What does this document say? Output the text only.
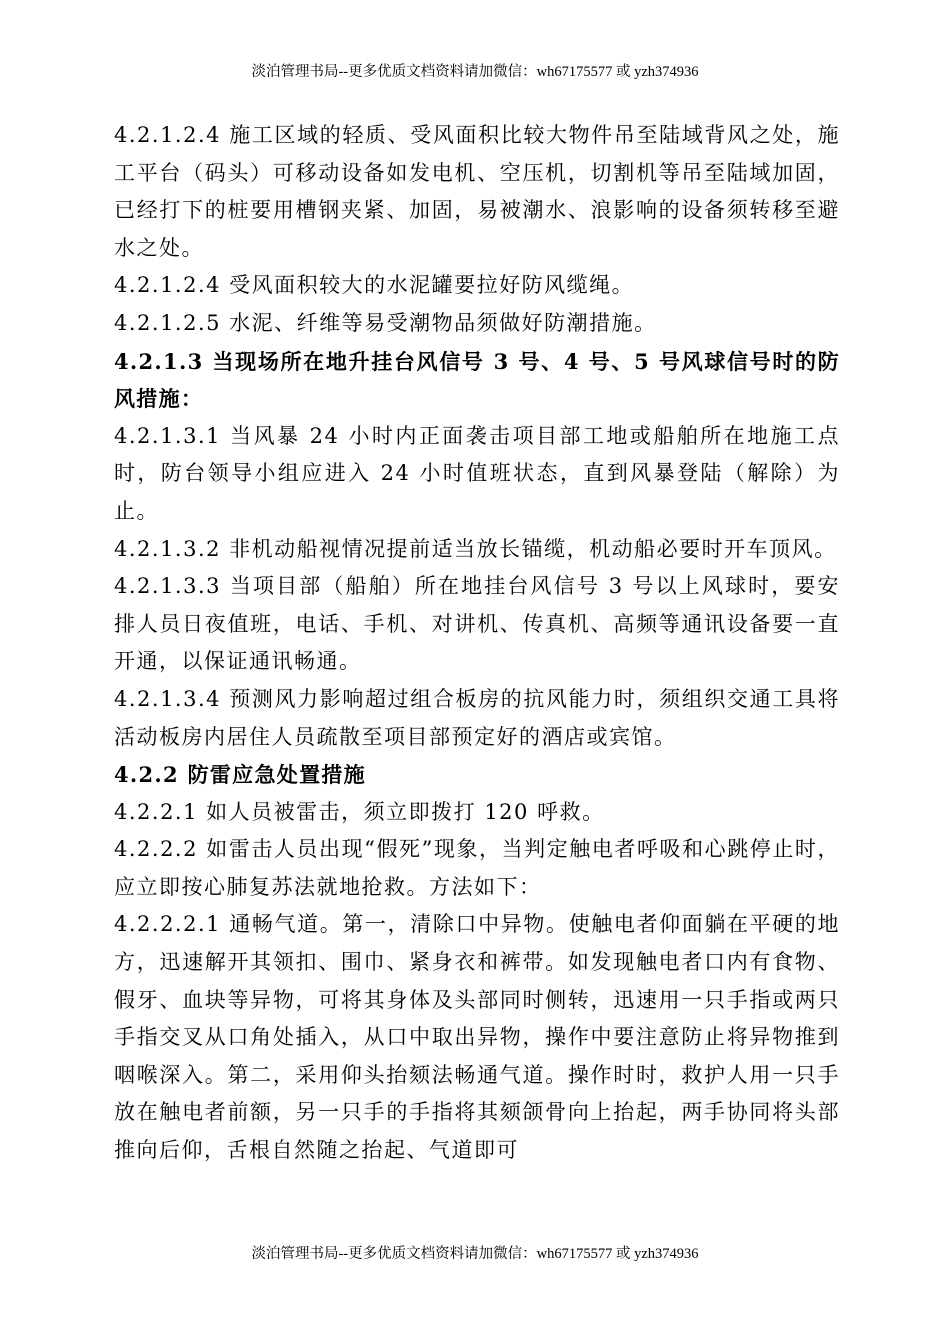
淡泊管理书局--更多优质文档资料请加微信：wh67175577 或 yzh374936

4.2.1.2.4 施工区域的轻质、受风面积比较大物件吊至陆域背风之处，施工平台（码头）可移动设备如发电机、空压机，切割机等吊至陆域加固，已经打下的桩要用槽钢夹紧、加固，易被潮水、浪影响的设备须转移至避水之处。

4.2.1.2.4 受风面积较大的水泥罐要拉好防风缆绳。

4.2.1.2.5 水泥、纤维等易受潮物品须做好防潮措施。

4.2.1.3 当现场所在地升挂台风信号 3 号、4 号、5 号风球信号时的防风措施：

4.2.1.3.1 当风暴 24 小时内正面袭击项目部工地或船舶所在地施工点时，防台领导小组应进入 24 小时值班状态，直到风暴登陆（解除）为止。

4.2.1.3.2 非机动船视情况提前适当放长锚缆，机动船必要时开车顶风。

4.2.1.3.3 当项目部（船舶）所在地挂台风信号 3 号以上风球时，要安排人员日夜值班，电话、手机、对讲机、传真机、高频等通讯设备要一直开通，以保证通讯畅通。

4.2.1.3.4 预测风力影响超过组合板房的抗风能力时，须组织交通工具将活动板房内居住人员疏散至项目部预定好的酒店或宾馆。

4.2.2 防雷应急处置措施

4.2.2.1 如人员被雷击，须立即拨打 120 呼救。

4.2.2.2 如雷击人员出现“假死”现象，当判定触电者呼吸和心跳停止时，应立即按心肺复苏法就地抢救。方法如下：

4.2.2.2.1 通畅气道。第一，清除口中异物。使触电者仰面躺在平硬的地方，迅速解开其领扣、围巾、紧身衣和裤带。如发现触电者口内有食物、假牙、血块等异物，可将其身体及头部同时侧转，迅速用一只手指或两只手指交叉从口角处插入，从口中取出异物，操作中要注意防止将异物推到咽喉深入。第二，采用仰头抬颏法畅通气道。操作时时，救护人用一只手放在触电者前额，另一只手的手指将其颏颌骨向上抬起，两手协同将头部推向后仰，舌根自然随之抬起、气道即可

淡泊管理书局--更多优质文档资料请加微信：wh67175577 或 yzh374936
